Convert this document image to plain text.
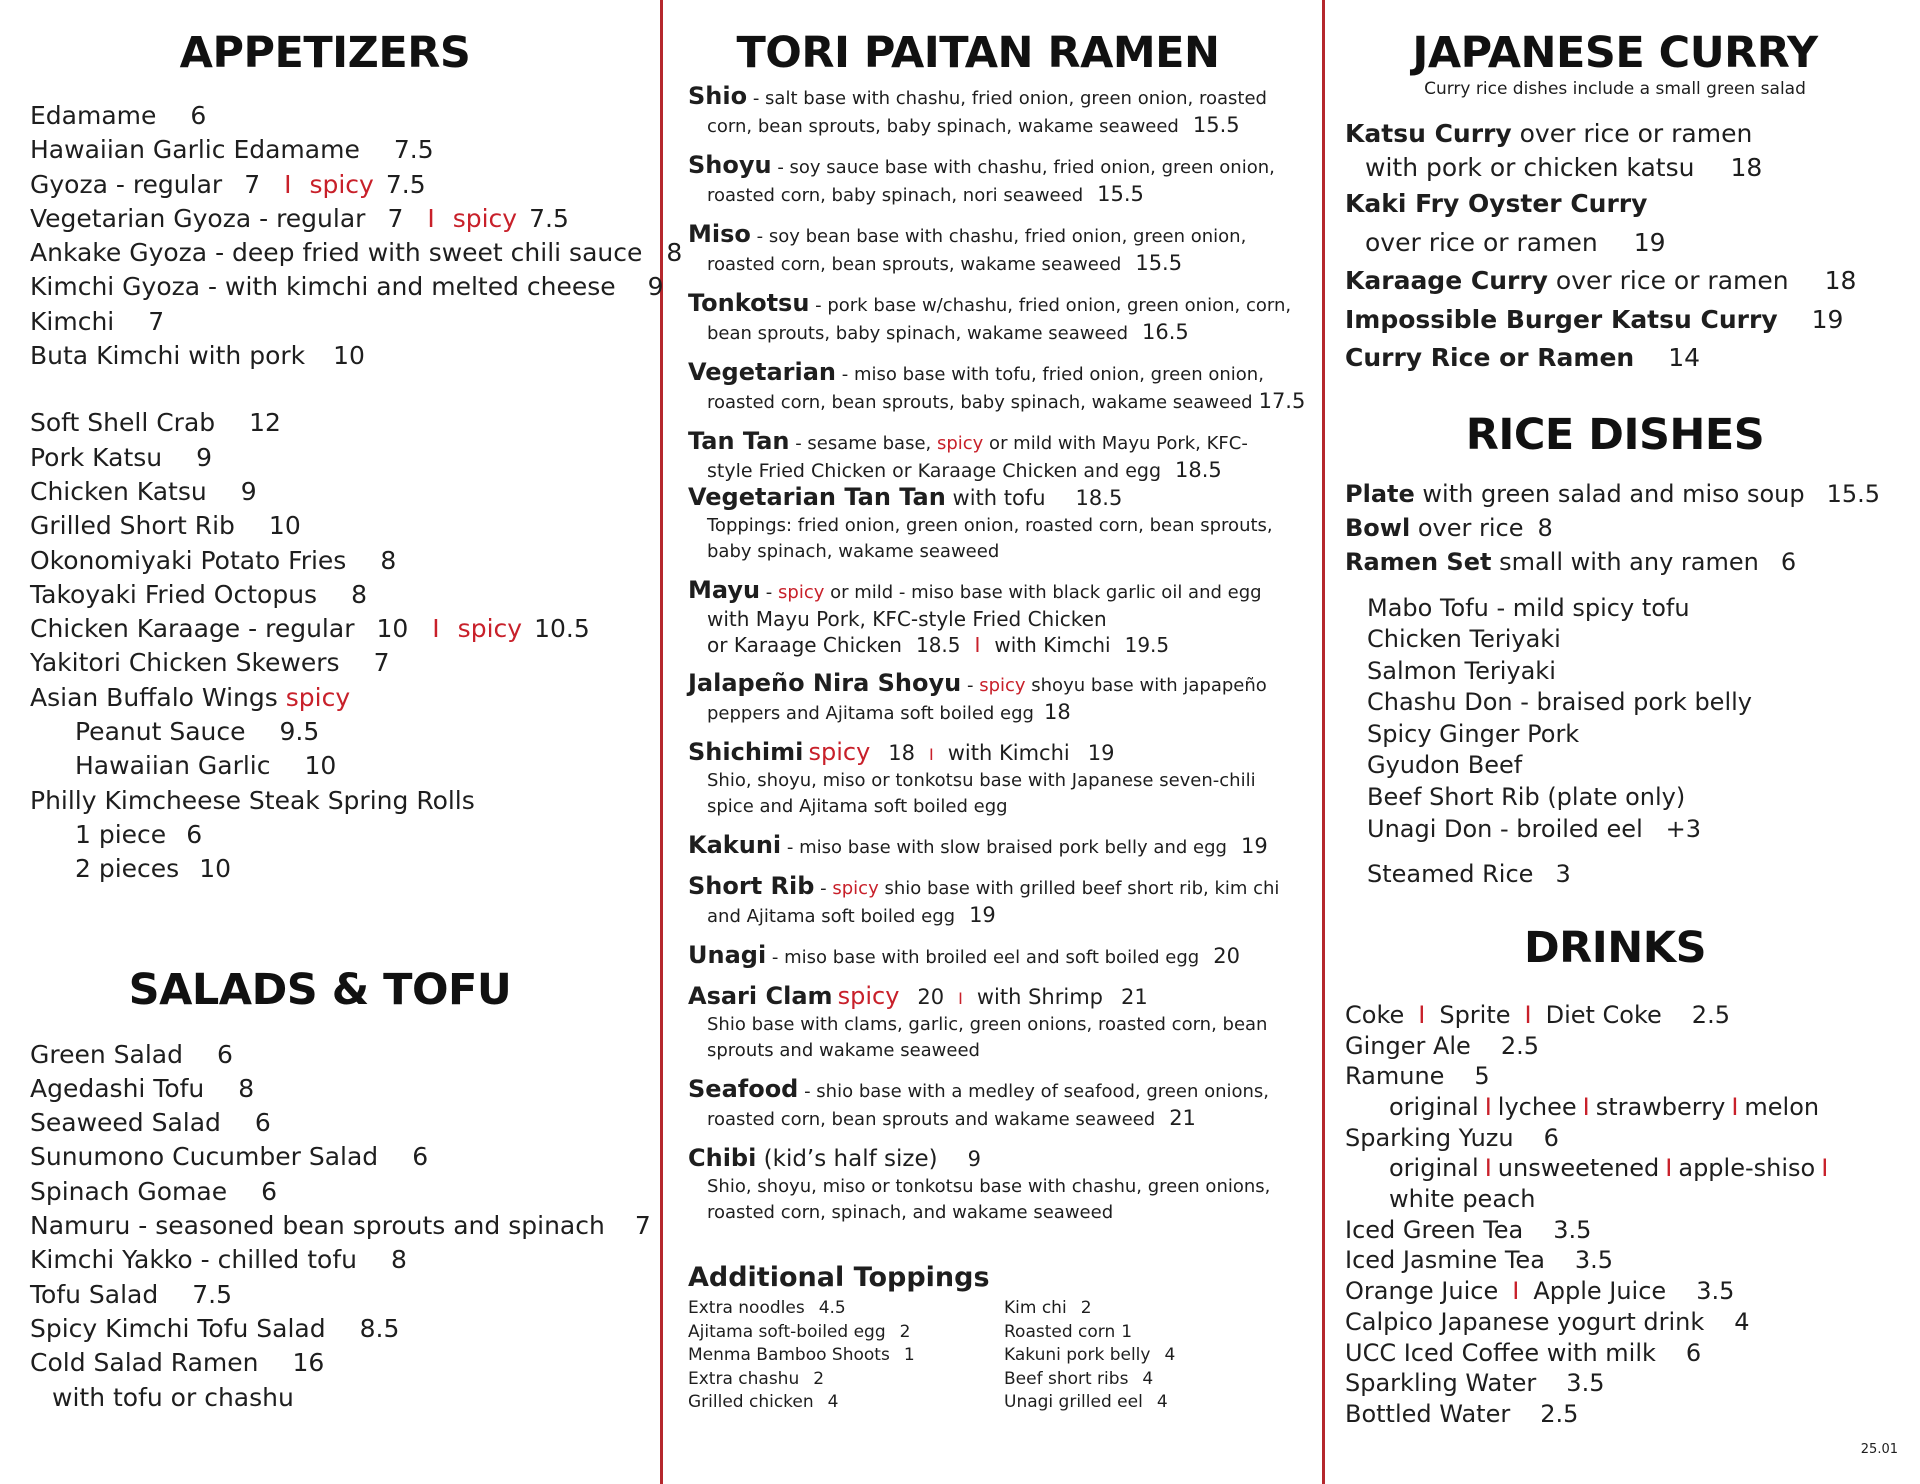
APPETIZERS
Edamame 6
Hawaiian Garlic Edamame 7.5
Gyoza - regular 7 I spicy 7.5
Vegetarian Gyoza - regular 7 I spicy 7.5
Ankake Gyoza - deep fried with sweet chili sauce 8
Kimchi Gyoza - with kimchi and melted cheese 9
Kimchi 7
Buta Kimchi with pork 10
Soft Shell Crab 12
Pork Katsu 9
Chicken Katsu 9
Grilled Short Rib 10
Okonomiyaki Potato Fries 8
Takoyaki Fried Octopus 8
Chicken Karaage - regular 10 I spicy 10.5
Yakitori Chicken Skewers 7
Asian Buffalo Wings spicy
Peanut Sauce 9.5
Hawaiian Garlic 10
Philly Kimcheese Steak Spring Rolls
1 piece 6
2 pieces 10
SALADS & TOFU
Green Salad 6
Agedashi Tofu 8
Seaweed Salad 6
Sunumono Cucumber Salad 6
Spinach Gomae 6
Namuru - seasoned bean sprouts and spinach 7
Kimchi Yakko - chilled tofu 8
Tofu Salad 7.5
Spicy Kimchi Tofu Salad 8.5
Cold Salad Ramen 16
with tofu or chashu
TORI PAITAN RAMEN
Shio - salt base with chashu, fried onion, green onion, roasted
corn, bean sprouts, baby spinach, wakame seaweed 15.5
Shoyu - soy sauce base with chashu, fried onion, green onion,
roasted corn, baby spinach, nori seaweed 15.5
Miso - soy bean base with chashu, fried onion, green onion,
roasted corn, bean sprouts, wakame seaweed 15.5
Tonkotsu - pork base w/chashu, fried onion, green onion, corn,
bean sprouts, baby spinach, wakame seaweed 16.5
Vegetarian - miso base with tofu, fried onion, green onion,
roasted corn, bean sprouts, baby spinach, wakame seaweed 17.5
Tan Tan - sesame base, spicy or mild with Mayu Pork, KFC-
style Fried Chicken or Karaage Chicken and egg 18.5
Vegetarian Tan Tan with tofu 18.5
Toppings: fried onion, green onion, roasted corn, bean sprouts,
baby spinach, wakame seaweed
Mayu - spicy or mild - miso base with black garlic oil and egg
with Mayu Pork, KFC-style Fried Chicken
or Karaage Chicken 18.5 I with Kimchi 19.5
Jalapeño Nira Shoyu - spicy shoyu base with japapeño
peppers and Ajitama soft boiled egg 18
Shichimi spicy 18 I with Kimchi 19
Shio, shoyu, miso or tonkotsu base with Japanese seven-chili
spice and Ajitama soft boiled egg
Kakuni - miso base with slow braised pork belly and egg 19
Short Rib - spicy shio base with grilled beef short rib, kim chi
and Ajitama soft boiled egg 19
Unagi - miso base with broiled eel and soft boiled egg 20
Asari Clam spicy 20 I with Shrimp 21
Shio base with clams, garlic, green onions, roasted corn, bean
sprouts and wakame seaweed
Seafood - shio base with a medley of seafood, green onions,
roasted corn, bean sprouts and wakame seaweed 21
Chibi (kid’s half size) 9
Shio, shoyu, miso or tonkotsu base with chashu, green onions,
roasted corn, spinach, and wakame seaweed
Additional Toppings
Extra noodles 4.5
Ajitama soft-boiled egg 2
Menma Bamboo Shoots 1
Extra chashu 2
Grilled chicken 4
Kim chi 2
Roasted corn 1
Kakuni pork belly 4
Beef short ribs 4
Unagi grilled eel 4
JAPANESE CURRY
Curry rice dishes include a small green salad
Katsu Curry over rice or ramen
with pork or chicken katsu 18
Kaki Fry Oyster Curry
over rice or ramen 19
Karaage Curry over rice or ramen 18
Impossible Burger Katsu Curry 19
Curry Rice or Ramen 14
RICE DISHES
Plate with green salad and miso soup 15.5
Bowl over rice 8
Ramen Set small with any ramen 6
Mabo Tofu - mild spicy tofu
Chicken Teriyaki
Salmon Teriyaki
Chashu Don - braised pork belly
Spicy Ginger Pork
Gyudon Beef
Beef Short Rib (plate only)
Unagi Don - broiled eel   +3
Steamed Rice 3
DRINKS
Coke I Sprite I Diet Coke 2.5
Ginger Ale 2.5
Ramune 5
original I lychee I strawberry I melon
Sparking Yuzu 6
original I unsweetened I apple-shiso I
white peach
Iced Green Tea 3.5
Iced Jasmine Tea 3.5
Orange Juice I Apple Juice 3.5
Calpico Japanese yogurt drink 4
UCC Iced Coffee with milk 6
Sparkling Water 3.5
Bottled Water 2.5
25.01
